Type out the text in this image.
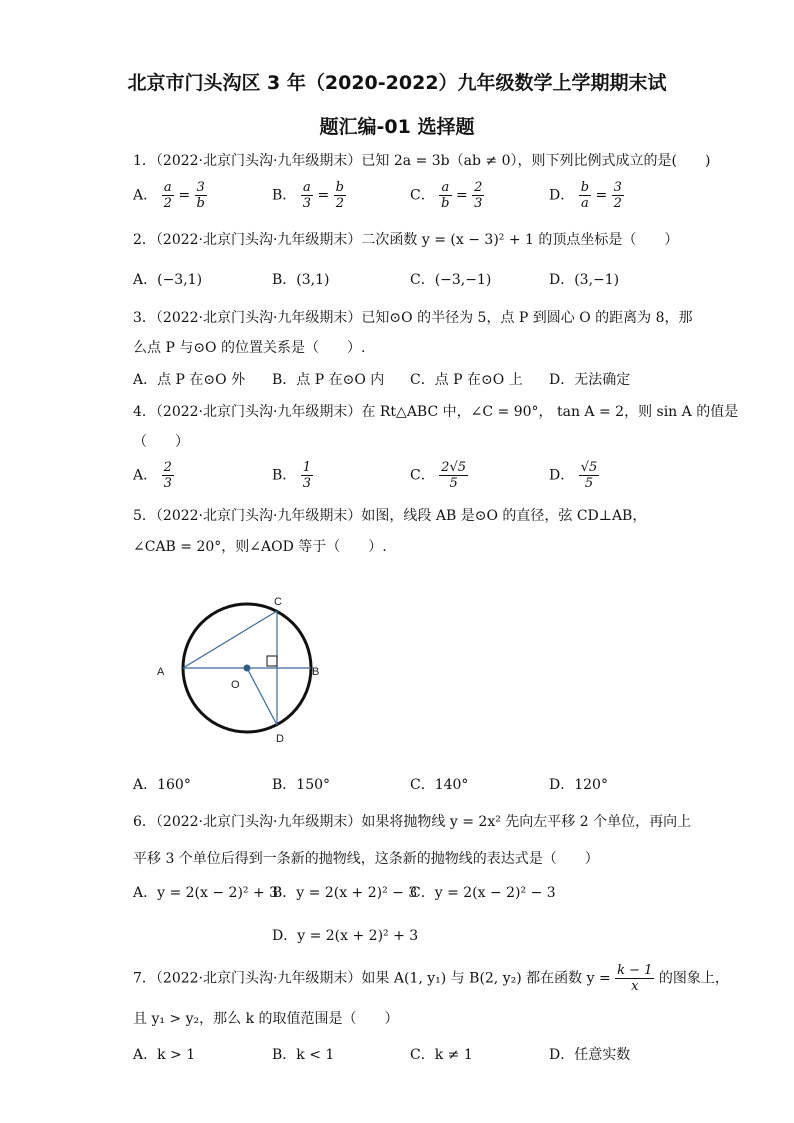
北京市门头沟区 3 年（2020-2022）九年级数学上学期期末试
题汇编-01 选择题
1．（2022·北京门头沟·九年级期末）已知 2a = 3b（ab ≠ 0），则下列比例式成立的是(　　)
A． $\frac{a}{2} = \frac{3}{b}$	B． $\frac{a}{3} = \frac{b}{2}$	C． $\frac{a}{b} = \frac{2}{3}$	D． $\frac{b}{a} = \frac{3}{2}$
2．（2022·北京门头沟·九年级期末）二次函数 y = (x − 3)² + 1 的顶点坐标是（　　）
A．(−3,1)	B．(3,1)	C．(−3,−1)	D．(3,−1)
3．（2022·北京门头沟·九年级期末）已知⊙O 的半径为 5，点 P 到圆心 O 的距离为 8，那
么点 P 与⊙O 的位置关系是（　　）.
A．点 P 在⊙O 外 B．点 P 在⊙O 内 C．点 P 在⊙O 上 D．无法确定
4．（2022·北京门头沟·九年级期末）在 Rt△ABC 中，∠C = 90°， tan A = 2，则 sin A 的值是
（　　）
A． $\frac{2}{3}$	B． $\frac{1}{3}$	C． $\frac{2√5}{5}$	D． $\frac{√5}{5}$
5．（2022·北京门头沟·九年级期末）如图，线段 AB 是⊙O 的直径，弦 CD⊥AB，
∠CAB = 20°，则∠AOD 等于（　　）.
C
A	B
O
D
A．160°	B．150°	C．140°	D．120°
6．（2022·北京门头沟·九年级期末）如果将抛物线 y = 2x² 先向左平移 2 个单位，再向上
平移 3 个单位后得到一条新的抛物线，这条新的抛物线的表达式是（　　）
A．y = 2(x − 2)² + 3
B．y = 2(x + 2)² − 3
C．y = 2(x − 2)² − 3
D．y = 2(x + 2)² + 3
7．（2022·北京门头沟·九年级期末）如果 A(1, y₁) 与 B(2, y₂) 都在函数 $y = \frac{k - 1}{x}$ 的图象上，
且 y₁ > y₂，那么 k 的取值范围是（　　）
A．k > 1	B．k < 1	C．k ≠ 1	D．任意实数
